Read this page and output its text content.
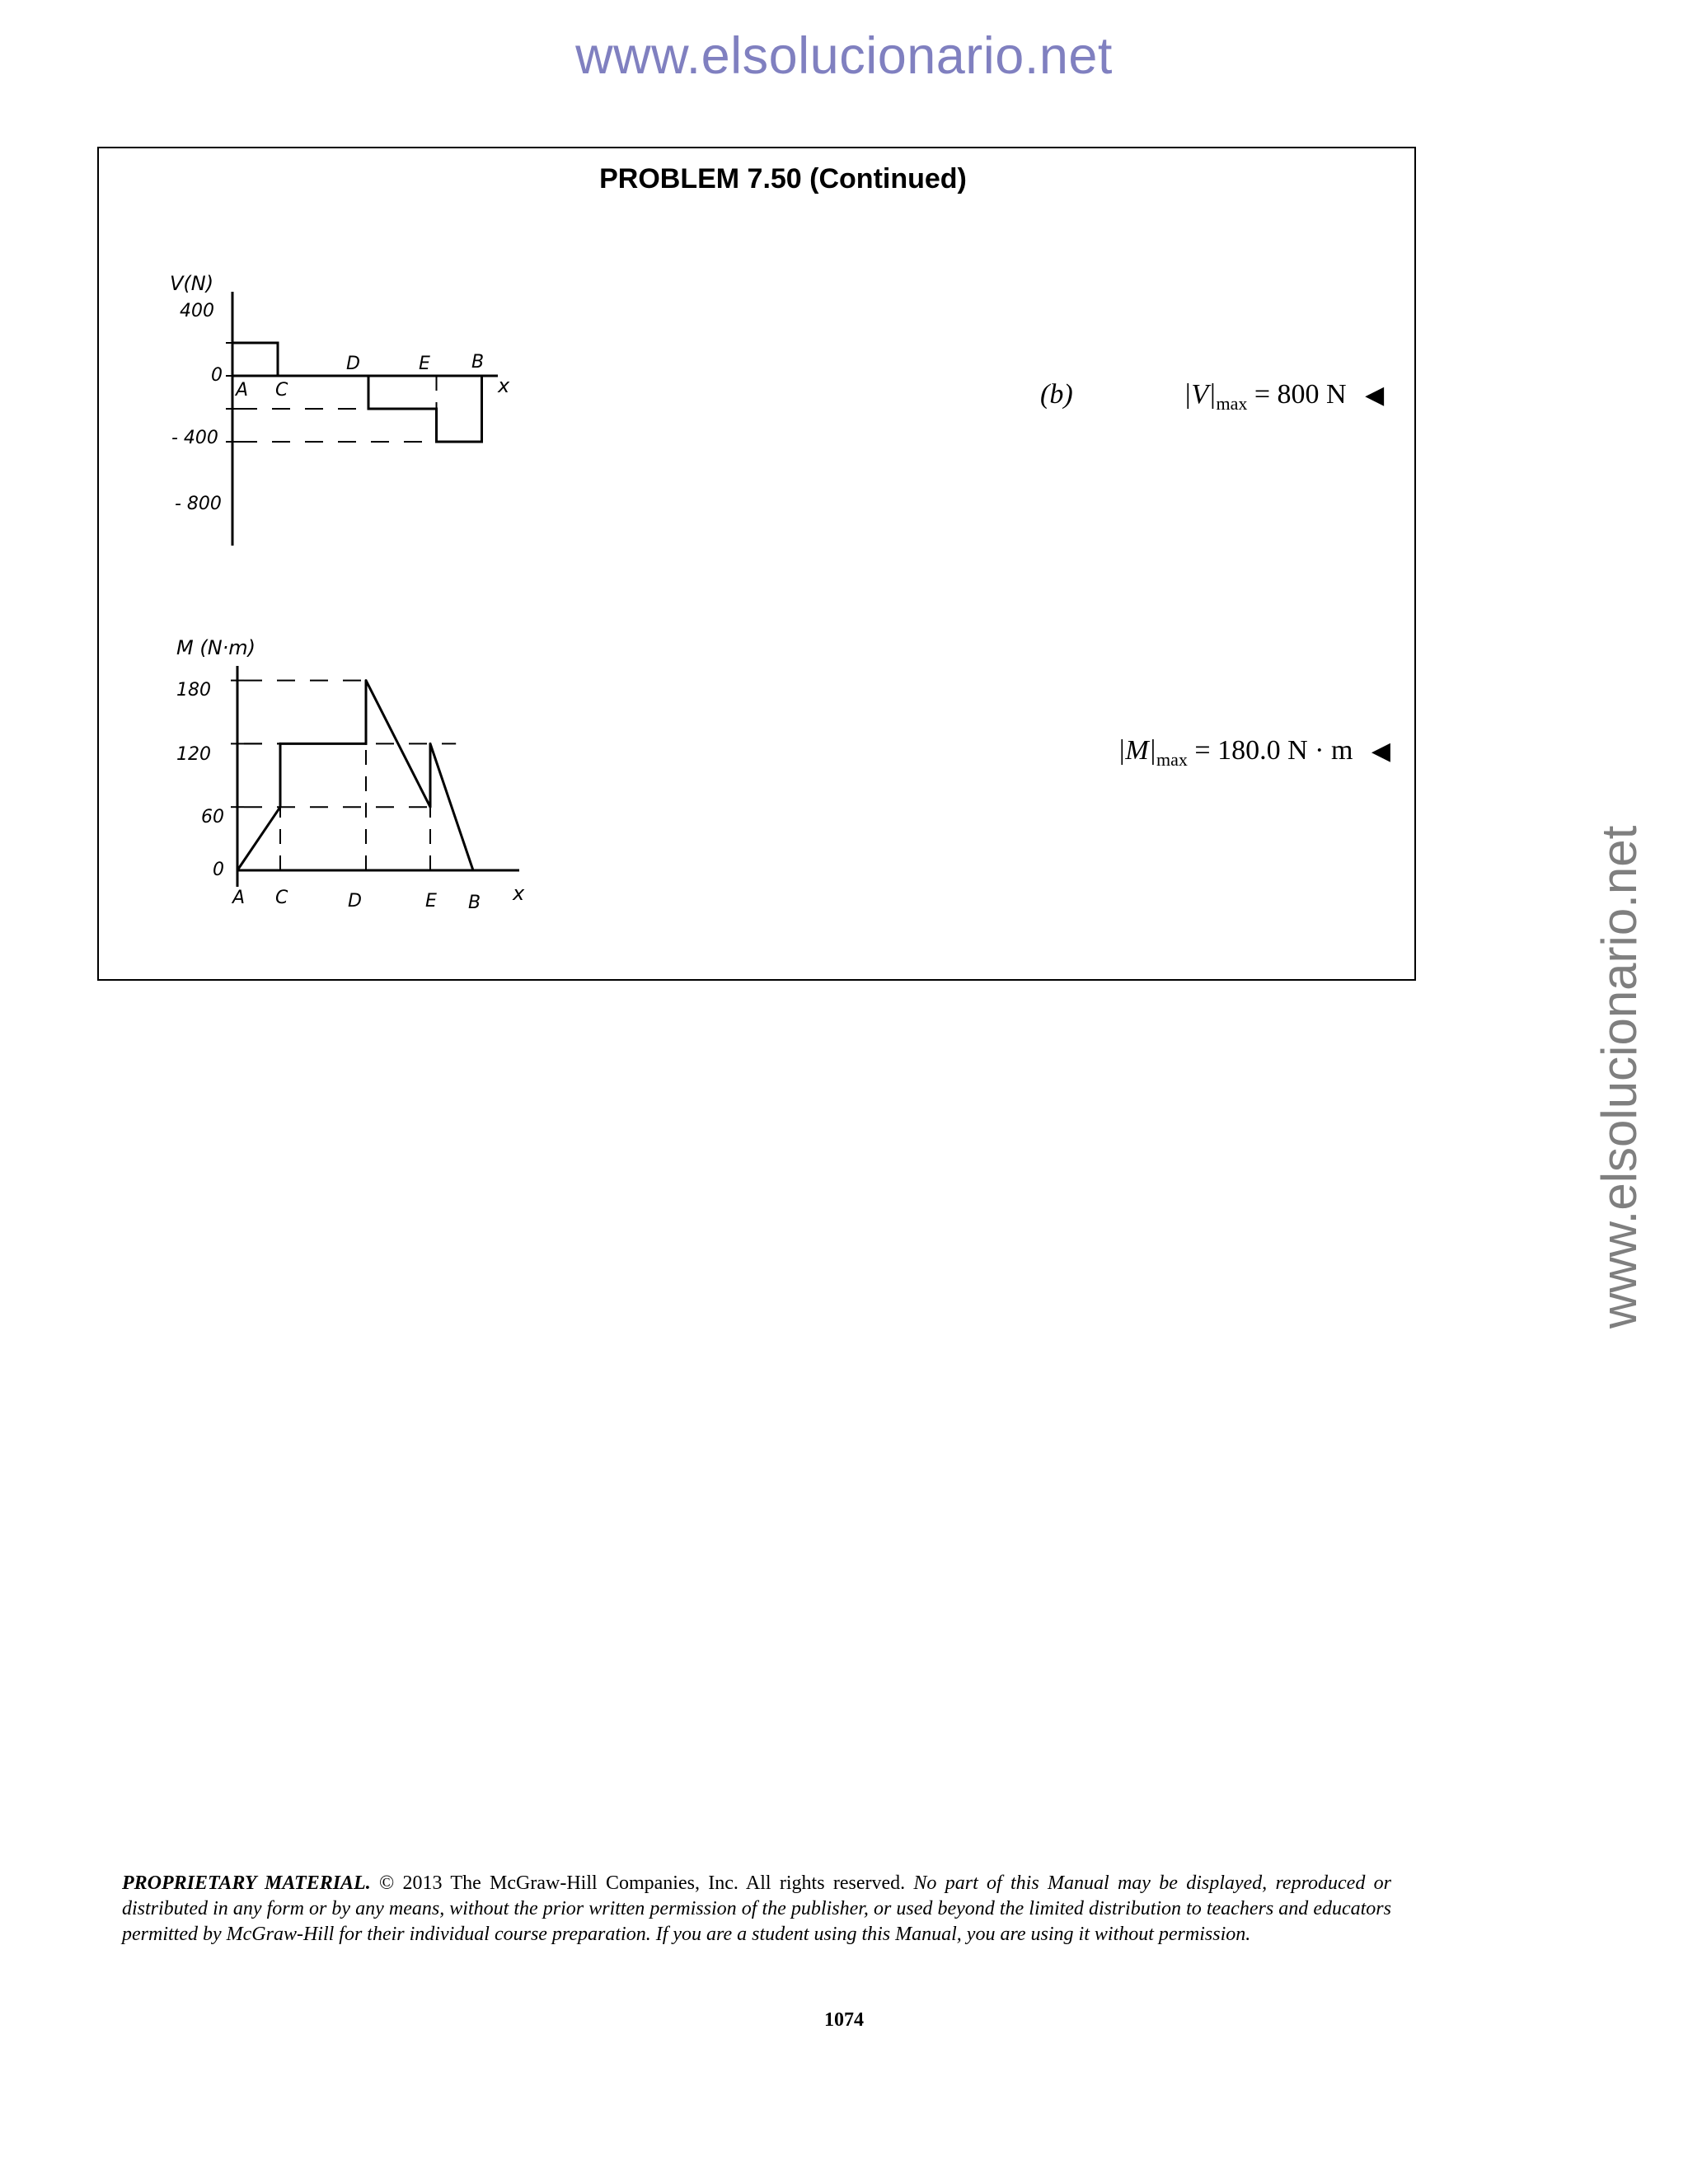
www.elsolucionario.net
www.elsolucionario.net
PROBLEM 7.50 (Continued)
V(N)
400
0
- 400
- 800
A C
D	E B
x
M (N·m)
180
120
60
0
A C	D	E B x
(b)	$|V|_{max} = 800$ N ◀
$|M|_{max} = 180.0$ N · m ◀
PROPRIETARY MATERIAL. © 2013 The McGraw-Hill Companies, Inc. All rights reserved. No part of this Manual may be displayed, reproduced or distributed in any form or by any means, without the prior written permission of the publisher, or used beyond the limited distribution to teachers and educators permitted by McGraw-Hill for their individual course preparation. If you are a student using this Manual, you are using it without permission.
1074
